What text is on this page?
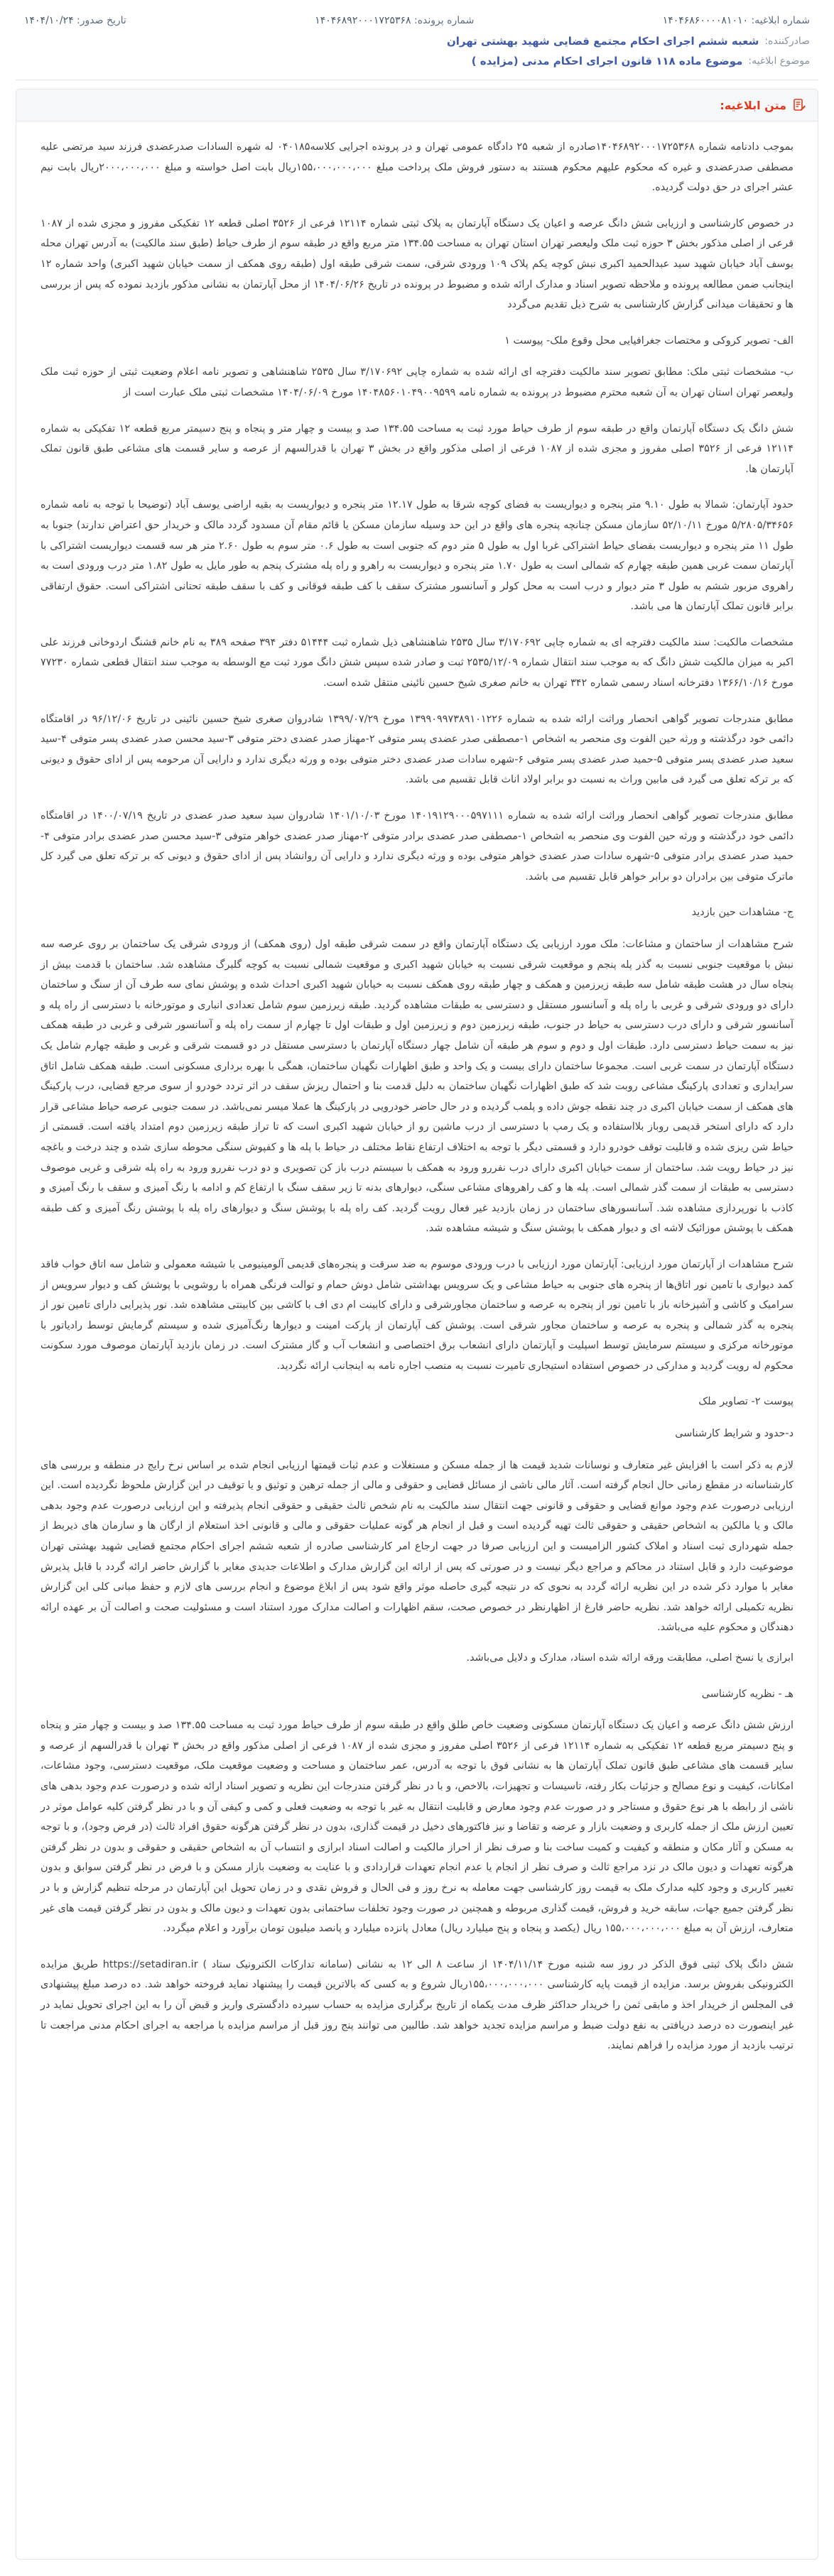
شماره ابلاغیه: ۱۴۰۴۶۸۶۰۰۰۰۸۱۰۱۰
شماره پرونده: ۱۴۰۴۶۸۹۲۰۰۰۱۷۲۵۳۶۸
تاریخ صدور: ۱۴۰۴/۱۰/۲۴
صادرکننده:
شعبه ششم اجرای احکام مجتمع قضایی شهید بهشتی تهران
موضوع ابلاغیه:
موضوع ماده ۱۱۸ قانون اجرای احکام مدنی (مزایده )
متن ابلاغیه:

بموجب دادنامه شماره ۱۴۰۴۶۸۹۲۰۰۰۱۷۲۵۳۶۸صادره از شعبه ۲۵ دادگاه عمومی تهران و در پرونده اجرایی کلاسه۰۴۰۱۸۵ له شهره السادات صدرعضدی فرزند سید مرتضی علیه مصطفی صدرعضدی و غیره که محکوم علیهم محکوم هستند به دستور فروش ملک پرداخت مبلغ ۱۵۵،۰۰۰،۰۰۰،۰۰۰ریال بابت اصل خواسته و مبلغ ۲۰۰۰،۰۰۰،۰۰۰ریال بابت نیم عشر اجرای در حق دولت گردیده.

در خصوص کارشناسی و ارزیابی شش دانگ عرصه و اعیان یک دستگاه آپارتمان به پلاک ثبتی شماره ۱۲۱۱۴ فرعی از ۳۵۲۶ اصلی قطعه ۱۲ تفکیکی مفروز و مجزی شده از ۱۰۸۷ فرعی از اصلی مذکور بخش ۳ حوزه ثبت ملک ولیعصر تهران استان تهران به مساحت ۱۳۴.۵۵ متر مربع واقع در طبقه سوم از طرف حیاط (طبق سند مالکیت) به آدرس تهران محله یوسف آباد خیابان شهید سید عبدالحمید اکبری نبش کوچه یکم پلاک ۱۰۹ ورودی شرقی، سمت شرقی طبقه اول (طبقه روی همکف از سمت خیابان شهید اکبری) واحد شماره ۱۲ اینجانب ضمن مطالعه پرونده و ملاحظه تصویر اسناد و مدارک ارائه شده و مضبوط در پرونده در تاریخ ۱۴۰۴/۰۶/۲۶ از محل آپارتمان به نشانی مذکور بازدید نموده که پس از بررسی ها و تحقیقات میدانی گزارش کارشناسی به شرح ذیل تقدیم می‌گردد

الف- تصویر کروکی و مختصات جغرافیایی محل وقوع ملک- پیوست ۱

ب- مشخصات ثبتی ملک: مطابق تصویر سند مالکیت دفترچه ای ارائه شده به شماره چاپی ۳/۱۷۰۶۹۲ سال ۲۵۳۵ شاهنشاهی و تصویر نامه اعلام وضعیت ثبتی از حوزه ثبت ملک ولیعصر تهران استان تهران به آن شعبه محترم مضبوط در پرونده به شماره نامه ۱۴۰۴۸۵۶۰۱۰۴۹۰۰۹۵۹۹ مورخ ۱۴۰۴/۰۶/۰۹ مشخصات ثبتی ملک عبارت است از

شش دانگ یک دستگاه آپارتمان واقع در طبقه سوم از طرف حیاط مورد ثبت به مساحت ۱۳۴.۵۵ صد و بیست و چهار متر و پنجاه و پنج دسیمتر مربع قطعه ۱۲ تفکیکی به شماره ۱۲۱۱۴ فرعی از ۳۵۲۶ اصلی مفروز و مجزی شده از ۱۰۸۷ فرعی از اصلی مذکور واقع در بخش ۳ تهران با قدرالسهم از عرصه و سایر قسمت های مشاعی طبق قانون تملک آپارتمان ها.

حدود آپارتمان: شمالا به طول ۹.۱۰ متر پنجره و دیواریست به فضای کوچه شرقا به طول ۱۲.۱۷ متر پنجره و دیواریست به بقیه اراضی یوسف آباد (توضیحا با توجه به نامه شماره ۵/۲۸۰۵/۳۴۶۵۶ مورخ ۵۲/۱۰/۱۱ سازمان مسکن چنانچه پنجره های واقع در این حد وسیله سازمان مسکن یا قائم مقام آن مسدود گردد مالک و خریدار حق اعتراض ندارند) جنوبا به طول ۱۱ متر پنجره و دیواریست بفضای حیاط اشتراکی غربا اول به طول ۵ متر دوم که جنوبی است به طول ۰.۶ متر سوم به طول ۲.۶۰ متر هر سه قسمت دیواریست اشتراکی با آپارتمان سمت غربی همین طبقه چهارم که شمالی است به طول ۱.۷۰ متر پنجره و دیواریست به راهرو و راه پله مشترک پنجم به طور مایل به طول ۱.۸۲ متر درب ورودی است به راهروی مزبور ششم به طول ۳ متر دیوار و درب است به محل کولر و آسانسور مشترک سقف با کف طبقه فوقانی و کف با سقف طبقه تحتانی اشتراکی است. حقوق ارتفاقی برابر قانون تملک آپارتمان ها می باشد.

مشخصات مالکیت: سند مالکیت دفترچه ای به شماره چاپی ۳/۱۷۰۶۹۲ سال ۲۵۳۵ شاهنشاهی ذیل شماره ثبت ۵۱۴۴۴ دفتر ۳۹۴ صفحه ۳۸۹ به نام خانم قشنگ اردوخانی فرزند علی اکبر به میزان مالکیت شش دانگ که به موجب سند انتقال شماره ۲۵۳۵/۱۲/۰۹ ثبت و صادر شده سپس شش دانگ مورد ثبت مع الوسطه به موجب سند انتقال قطعی شماره ۷۷۲۳۰ مورخ ۱۳۶۶/۱۰/۱۶ دفترخانه اسناد رسمی شماره ۳۴۲ تهران به خانم صغری شیخ حسین نائینی منتقل شده است.

مطابق مندرجات تصویر گواهی انحصار وراثت ارائه شده به شماره ۱۳۹۹۰۹۹۷۳۸۹۱۰۱۲۲۶ مورخ ۱۳۹۹/۰۷/۲۹ شادروان صغری شیخ حسین نائینی در تاریخ ۹۶/۱۲/۰۶ در اقامتگاه دائمی خود درگذشته و ورثه حین الفوت وی منحصر به اشخاص ۱-مصطفی صدر عضدی پسر متوفی ۲-مهناز صدر عضدی دختر متوفی ۳-سید محسن صدر عضدی پسر متوفی ۴-سید سعید صدر عضدی پسر متوفی ۵-حمید صدر عضدی پسر متوفی ۶-شهره سادات صدر عضدی دختر متوفی بوده و ورثه دیگری ندارد و دارایی آن مرحومه پس از ادای حقوق و دیونی که بر ترکه تعلق می گیرد فی مابین وراث به نسبت دو برابر اولاد اناث قابل تقسیم می باشد.

مطابق مندرجات تصویر گواهی انحصار وراثت ارائه شده به شماره ۱۴۰۱۹۱۲۹۰۰۰۵۹۷۱۱۱ مورخ ۱۴۰۱/۱۰/۰۳ شادروان سید سعید صدر عضدی در تاریخ ۱۴۰۰/۰۷/۱۹ در اقامتگاه دائمی خود درگذشته و ورثه حین الفوت وی منحصر به اشخاص ۱-مصطفی صدر عضدی برادر متوفی ۲-مهناز صدر عضدی خواهر متوفی ۳-سید محسن صدر عضدی برادر متوفی ۴-حمید صدر عضدی برادر متوفی ۵-شهره سادات صدر عضدی خواهر متوفی بوده و ورثه دیگری ندارد و دارایی آن روانشاد پس از ادای حقوق و دیونی که بر ترکه تعلق می گیرد کل ماترک متوفی بین برادران دو برابر خواهر قابل تقسیم می باشد.

ج- مشاهدات حین بازدید

شرح مشاهدات از ساختمان و مشاعات: ملک مورد ارزیابی یک دستگاه آپارتمان واقع در سمت شرقی طبقه اول (روی همکف) از ورودی شرقی یک ساختمان بر روی عرصه سه نبش با موقعیت جنوبی نسبت به گذر پله پنجم و موقعیت شرقی نسبت به خیابان شهید اکبری و موقعیت شمالی نسبت به کوچه گلبرگ مشاهده شد. ساختمان با قدمت بیش از پنجاه سال در هشت طبقه شامل سه طبقه زیرزمین و همکف و چهار طبقه روی همکف نسبت به خیابان شهید اکبری احداث شده و پوشش نمای سه طرف آن از سنگ و ساختمان دارای دو ورودی شرقی و غربی با راه پله و آسانسور مستقل و دسترسی به طبقات مشاهده گردید. طبقه زیرزمین سوم شامل تعدادی انباری و موتورخانه با دسترسی از راه پله و آسانسور شرقی و دارای درب دسترسی به حیاط در جنوب، طبقه زیرزمین دوم و زیرزمین اول و طبقات اول تا چهارم از سمت راه پله و آسانسور شرقی و غربی در طبقه همکف نیز به سمت حیاط دسترسی دارد. طبقات اول و دوم و سوم هر طبقه آن شامل چهار دستگاه آپارتمان با دسترسی مستقل در دو قسمت شرقی و غربی و طبقه چهارم شامل یک دستگاه آپارتمان در سمت غربی است. مجموعا ساختمان دارای بیست و یک واحد و طبق اظهارات نگهبان ساختمان، همگی با بهره برداری مسکونی است. طبقه همکف شامل اتاق سرایداری و تعدادی پارکینگ مشاعی روبت شد که طبق اظهارات نگهبان ساختمان به دلیل قدمت بنا و احتمال ریزش سقف در اثر تردد خودرو از سوی مرجع قضایی، درب پارکینگ های همکف از سمت خیابان اکبری در چند نقطه جوش داده و پلمب گردیده و در حال حاضر خودرویی در پارکینگ ها عملا میسر نمی‌باشد. در سمت جنوبی عرصه حیاط مشاعی قرار دارد که دارای استخر قدیمی روباز بلااستفاده و یک رمپ با دسترسی از درب ماشین رو از خیابان شهید اکبری است که تا تراز طبقه زیرزمین دوم امتداد یافته است. قسمتی از حیاط شن ریزی شده و قابلیت توقف خودرو دارد و قسمتی دیگر با توجه به اختلاف ارتفاع نقاط مختلف در حیاط با پله ها و کفپوش سنگی محوطه سازی شده و چند درخت و باغچه نیز در حیاط رویت شد. ساختمان از سمت خیابان اکبری دارای درب نفررو ورود به همکف با سیستم درب باز کن تصویری و دو درب نفررو ورود به راه پله شرقی و غربی موصوف دسترسی به طبقات از سمت گذر شمالی است. پله ها و کف راهروهای مشاعی سنگی، دیوارهای بدنه تا زیر سقف سنگ با ارتفاع کم و ادامه با رنگ آمیزی و سقف با رنگ آمیزی و کاذب با نورپردازی مشاهده شد. آسانسورهای ساختمان در زمان بازدید غیر فعال رویت گردید. کف راه پله با پوشش سنگ و دیوارهای راه پله با پوشش رنگ آمیزی و کف طبقه همکف با پوشش موزائیک لاشه ای و دیوار همکف با پوشش سنگ و شیشه مشاهده شد.

شرح مشاهدات از آپارتمان مورد ارزیابی: آپارتمان مورد ارزیابی با درب ورودی موسوم به ضد سرقت و پنجره‌های قدیمی آلومینیومی با شیشه معمولی و شامل سه اتاق خواب فاقد کمد دیواری با تامین نور اتاق‌ها از پنجره های جنوبی به حیاط مشاعی و یک سرویس بهداشتی شامل دوش حمام و توالت فرنگی همراه با روشویی با پوشش کف و دیوار سرویس از سرامیک و کاشی و آشپزخانه باز با تامین نور از پنجره به عرصه و ساختمان مجاورشرقی و دارای کابینت ام دی اف با کاشی بین کابینتی مشاهده شد. نور پذیرایی دارای تامین نور از پنجره به گذر شمالی و پنجره به عرصه و ساختمان مجاور شرقی است. پوشش کف آپارتمان از پارکت امینت و دیوارها رنگ‌آمیزی شده و سیستم گرمایش توسط رادیاتور با موتورخانه مرکزی و سیستم سرمایش توسط اسپلیت و آپارتمان دارای انشعاب برق اختصاصی و انشعاب آب و گاز مشترک است. در زمان بازدید آپارتمان موصوف مورد سکونت محکوم له رویت گردید و مدارکی در خصوص استفاده استیجاری تامیرت نسبت به منصب اجاره نامه به اینجانب ارائه نگردید.

پیوست ۲- تصاویر ملک

د-حدود و شرایط کارشناسی

لازم به ذکر است با افزایش غیر متعارف و نوسانات شدید قیمت ها از جمله مسکن و مستغلات و عدم ثبات قیمتها ارزیابی انجام شده بر اساس نرخ رایج در منطقه و بررسی های کارشناسانه در مقطع زمانی حال انجام گرفته است. آثار مالی ناشی از مسائل قضایی و حقوقی و مالی از جمله ترهین و توثیق و یا توقیف در این گزارش ملحوظ نگردیده است. این ارزیابی درصورت عدم وجود موانع قضایی و حقوقی و قانونی جهت انتقال سند مالکیت به نام شخص ثالث حقیقی و حقوقی انجام پذیرفته و این ارزیابی درصورت عدم وجود بدهی مالک و یا مالکین به اشخاص حقیقی و حقوقی ثالث تهیه گردیده است و قبل از انجام هر گونه عملیات حقوقی و مالی و قانونی اخذ استعلام از ارگان ها و سازمان های ذیربط از جمله شهرداری ثبت اسناد و املاک کشور الزامیست و این ارزیابی صرفا در جهت ارجاع امر کارشناسی صادره از شعبه ششم اجرای احکام مجتمع قضایی شهید بهشتی تهران موضوعیت دارد و قابل استناد در محاکم و مراجع دیگر نیست و در صورتی که پس از ارائه این گزارش مدارک و اطلاعات جدیدی مغایر با گزارش حاضر ارائه گردد با قابل پذیرش مغایر با موارد ذکر شده در این نظریه ارائه گردد به نحوی که در نتیجه گیری حاصله موثر واقع شود پس از ابلاغ موضوع و انجام بررسی های لازم و حفظ مبانی کلی این گزارش نظریه تکمیلی ارائه خواهد شد. نظریه حاضر فارغ از اظهارنظر در خصوص صحت، سقم اظهارات و اصالت مدارک مورد استناد است و مسئولیت صحت و اصالت آن بر عهده ارائه دهندگان و محکوم علیه می‌باشد.

ابرازی یا نسخ اصلی، مطابقت ورقه ارائه شده اسناد، مدارک و دلایل می‌باشد.

هـ - نظریه کارشناسی

ارزش شش دانگ عرصه و اعیان یک دستگاه آپارتمان مسکونی وضعیت خاص طلق واقع در طبقه سوم از طرف حیاط مورد ثبت به مساحت ۱۳۴.۵۵ صد و بیست و چهار متر و پنجاه و پنج دسیمتر مربع قطعه ۱۲ تفکیکی به شماره ۱۲۱۱۴ فرعی از ۳۵۲۶ اصلی مفروز و مجزی شده از ۱۰۸۷ فرعی از اصلی مذکور واقع در بخش ۳ تهران با قدرالسهم از عرصه و سایر قسمت های مشاعی طبق قانون تملک آپارتمان ها به نشانی فوق با توجه به آدرس، عمر ساختمان و مساحت و وضعیت موقعیت ملک، موقعیت دسترسی، وجود مشاعات، امکانات، کیفیت و نوع مصالح و جزئیات بکار رفته، تاسیسات و تجهیزات، بالاخص، و با در نظر گرفتن مندرجات این نظریه و تصویر اسناد ارائه شده و درصورت عدم وجود بدهی های ناشی از رابطه با هر نوع حقوق و مستاجر و در صورت عدم وجود معارض و قابلیت انتقال به غیر با توجه به وضعیت فعلی و کمی و کیفی آن و با در نظر گرفتن کلیه عوامل موثر در تعیین ارزش ملک از جمله کاربری و وضعیت بازار و عرضه و تقاضا و نیز فاکتورهای دخیل در قیمت گذاری، بدون در نظر گرفتن هرگونه حقوق افراد ثالث (در فرض وجود)، و با توجه به مسکن و آثار مکان و منطقه و کیفیت و کمیت ساخت بنا و صرف نظر از احراز مالکیت و اصالت اسناد ابرازی و انتساب آن به اشخاص حقیقی و حقوقی و بدون در نظر گرفتن هرگونه تعهدات و دیون مالک در نزد مراجع ثالث و صرف نظر از انجام یا عدم انجام تعهدات قراردادی و با عنایت به وضعیت بازار مسکن و با فرض در نظر گرفتن سوابق و بدون تغییر کاربری و وجود کلیه مدارک ملک به قیمت روز کارشناسی جهت معامله به نرخ روز و فی الحال و فروش نقدی و در زمان تحویل این آپارتمان در مرحله تنظیم گزارش و با در نظر گرفتن جمیع جهات، سابقه خرید و فروش، قیمت گذاری مربوطه و همچنین در صورت وجود تخلفات ساختمانی بدون تعهدات و دیون مالک و بدون در نظر گرفتن قیمت های غیر متعارف، ارزش آن به مبلغ ۱۵۵،۰۰۰،۰۰۰،۰۰۰ ریال (یکصد و پنجاه و پنج میلیارد ریال) معادل پانزده میلیارد و پانصد میلیون تومان برآورد و اعلام میگردد.

شش دانگ پلاک ثبتی فوق الذکر در روز سه شنبه مورخ ۱۴۰۴/۱۱/۱۴ از ساعت ۸ الی ۱۲ به نشانی (سامانه تدارکات الکترونیک ستاد ) https://setadiran.ir طریق مزایده الکترونیکی بفروش برسد. مزایده از قیمت پایه کارشناسی ۱۵۵،۰۰۰،۰۰۰،۰۰۰ریال شروع و به کسی که بالاترین قیمت را پیشنهاد نماید فروخته خواهد شد. ده درصد مبلغ پیشنهادی فی المجلس از خریدار اخذ و مابقی ثمن را خریدار حداکثر ظرف مدت یکماه از تاریخ برگزاری مزایده به حساب سپرده دادگستری واریز و قبض آن را به این اجرای تحویل نماید در غیر اینصورت ده درصد دریافتی به نفع دولت ضبط و مراسم مزایده تجدید خواهد شد. طالبین می توانند پنج روز قبل از مراسم مزایده با مراجعه به اجرای احکام مدنی مراجعت تا ترتیب بازدید از مورد مزایده را فراهم نمایند.
